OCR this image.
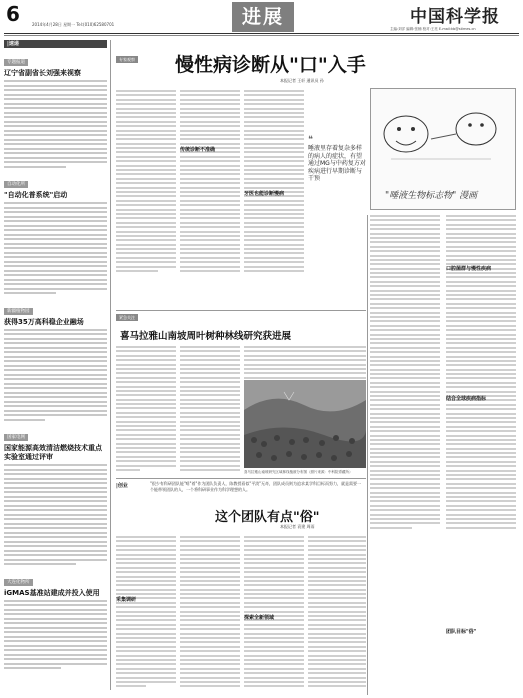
6	2014年4月28日 星期一 Tel:(010)62580701	进展	中国科学报
主编:刘洋 编辑:张楠 校对:王亮 E-mail:kb@stimes.cn
|速递
专题报道
辽宁省副省长刘强来视察
自动化所
"自动化普系统"启动
新疆植物园
获得35万高科稳企业融场
国家电网
国家能源高效清洁燃烧技术重点实验室通过评审
大连化物所
iGMAS基准站建成并投入使用
专家观察 慢性病诊断从"口"入手
本报记者 王轩 通讯员 孙
传统诊断不准确
牙医也能诊断慢病
❝
唾液里存着复杂多样的病人的症状，有望通过MG与中药复方对疾病进行早期诊断与干预
"唾液生物标志物" 漫画
口腔菌群与慢性疾病
结合全球疾病指标
紧急关注
喜马拉雅山南坡周叶树种林线研究获进展
喜马拉雅山南坡研究区域林线植被分布图（照片来源：中科院青藏所）
|创业	"很少有科研团队能"啃"着"作为团队负责人，陈教授看似"平淡"无奇，团队成员则为追求某学科目标而努力，就是需要一个能带领团队的人，一个将科研事业作为科学理想的人。
这个团队有点"俗"
本报记者 袁建 周雨
采集调研
探索全新领域
团队目标"俗"
